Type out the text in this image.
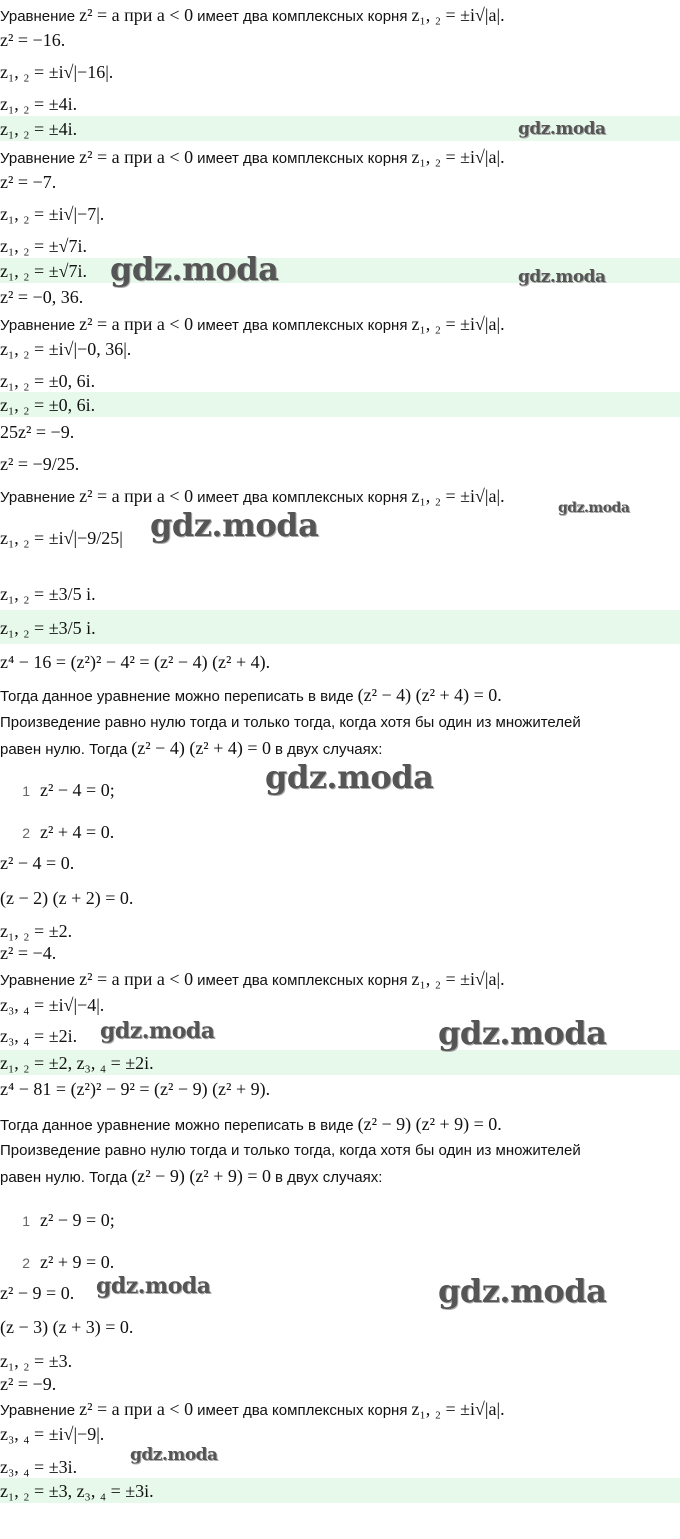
Уравнение z² = a при a < 0 имеет два комплексных корня z₁, ₂ = ±i√|a|.
z² = −16.
z₁, ₂ = ±i√|−16|.
z₁, ₂ = ±4i.
z₁, ₂ = ±4i.	gdz.moda
Уравнение z² = a при a < 0 имеет два комплексных корня z₁, ₂ = ±i√|a|.
z² = −7.
z₁, ₂ = ±i√|−7|.
z₁, ₂ = ±√7i.
z₁, ₂ = ±√7i. gdz.moda	gdz.moda
z² = −0, 36.
Уравнение z² = a при a < 0 имеет два комплексных корня z₁, ₂ = ±i√|a|.
z₁, ₂ = ±i√|−0, 36|.
z₁, ₂ = ±0, 6i.
z₁, ₂ = ±0, 6i.
25z² = −9.
z² = −9/25.
Уравнение z² = a при a < 0 имеет два комплексных корня z₁, ₂ = ±i√|a|.
gdz.moda
z₁, ₂ = ±i√|−9/25| gdz.moda
z₁, ₂ = ±3/5 i.
z₁, ₂ = ±3/5 i.
z⁴ − 16 = (z²)² − 4² = (z² − 4) (z² + 4).
Тогда данное уравнение можно переписать в виде (z² − 4) (z² + 4) = 0.
Произведение равно нулю тогда и только тогда, когда хотя бы один из множителей
равен нулю. Тогда (z² − 4) (z² + 4) = 0 в двух случаях:
1 z² − 4 = 0;	gdz.moda
2 z² + 4 = 0.
z² − 4 = 0.
(z − 2) (z + 2) = 0.
z₁, ₂ = ±2.
z² = −4.
Уравнение z² = a при a < 0 имеет два комплексных корня z₁, ₂ = ±i√|a|.
z₃, ₄ = ±i√|−4|.
z₃, ₄ = ±2i. gdz.moda	gdz.moda
z₁, ₂ = ±2, z₃, ₄ = ±2i.
z⁴ − 81 = (z²)² − 9² = (z² − 9) (z² + 9).
Тогда данное уравнение можно переписать в виде (z² − 9) (z² + 9) = 0.
Произведение равно нулю тогда и только тогда, когда хотя бы один из множителей
равен нулю. Тогда (z² − 9) (z² + 9) = 0 в двух случаях:
1 z² − 9 = 0;
2 z² + 9 = 0.
z² − 9 = 0. gdz.moda	gdz.moda
(z − 3) (z + 3) = 0.
z₁, ₂ = ±3.
z² = −9.
Уравнение z² = a при a < 0 имеет два комплексных корня z₁, ₂ = ±i√|a|.
z₃, ₄ = ±i√|−9|.
gdz.moda
z₃, ₄ = ±3i.
z₁, ₂ = ±3, z₃, ₄ = ±3i.
